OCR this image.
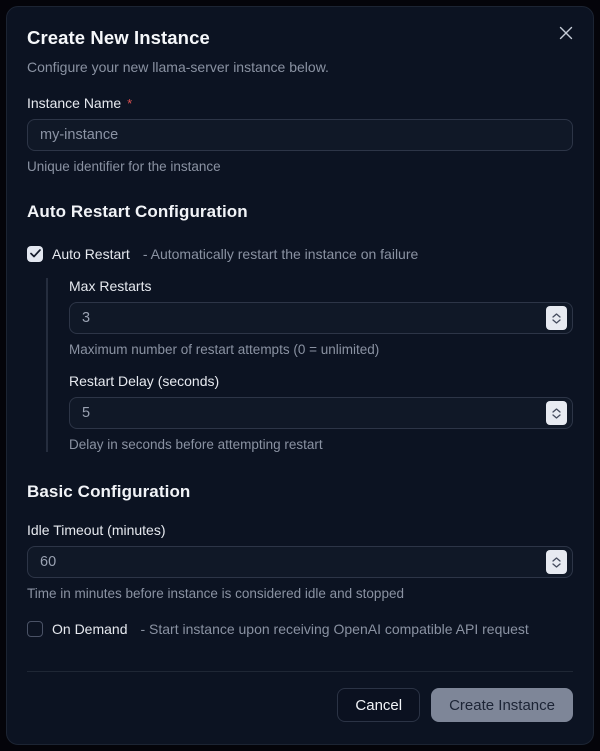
Create New Instance
Configure your new llama-server instance below.
Instance Name *
my-instance
Unique identifier for the instance
Auto Restart Configuration
Auto Restart - Automatically restart the instance on failure
Max Restarts
3
Maximum number of restart attempts (0 = unlimited)
Restart Delay (seconds)
5
Delay in seconds before attempting restart
Basic Configuration
Idle Timeout (minutes)
60
Time in minutes before instance is considered idle and stopped
On Demand - Start instance upon receiving OpenAI compatible API request
Cancel	Create Instance
